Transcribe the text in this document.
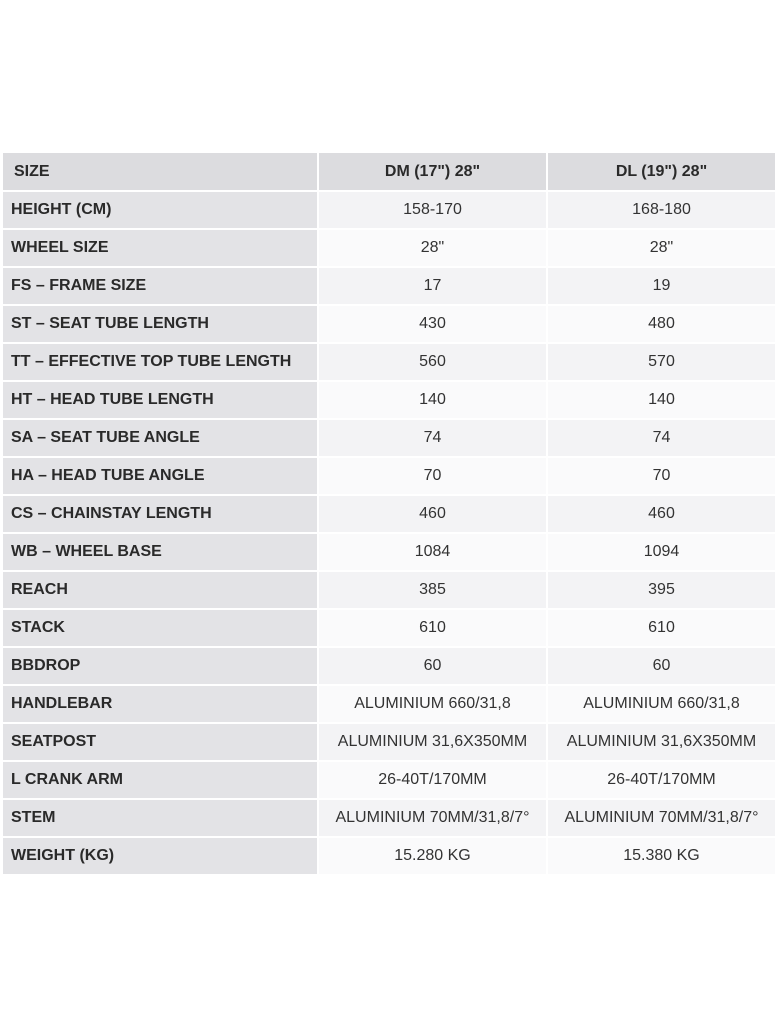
SIZE	DM (17") 28"	DL (19") 28"
HEIGHT (CM)	158-170	168-180
WHEEL SIZE	28"	28"
FS – FRAME SIZE	17	19
ST – SEAT TUBE LENGTH	430	480
TT – EFFECTIVE TOP TUBE LENGTH	560	570
HT – HEAD TUBE LENGTH	140	140
SA – SEAT TUBE ANGLE	74	74
HA – HEAD TUBE ANGLE	70	70
CS – CHAINSTAY LENGTH	460	460
WB – WHEEL BASE	1084	1094
REACH	385	395
STACK	610	610
BBDROP	60	60
HANDLEBAR	ALUMINIUM 660/31,8	ALUMINIUM 660/31,8
SEATPOST	ALUMINIUM 31,6X350MM	ALUMINIUM 31,6X350MM
L CRANK ARM	26-40T/170MM	26-40T/170MM
STEM	ALUMINIUM 70MM/31,8/7°	ALUMINIUM 70MM/31,8/7°
WEIGHT (KG)	15.280 KG	15.380 KG
